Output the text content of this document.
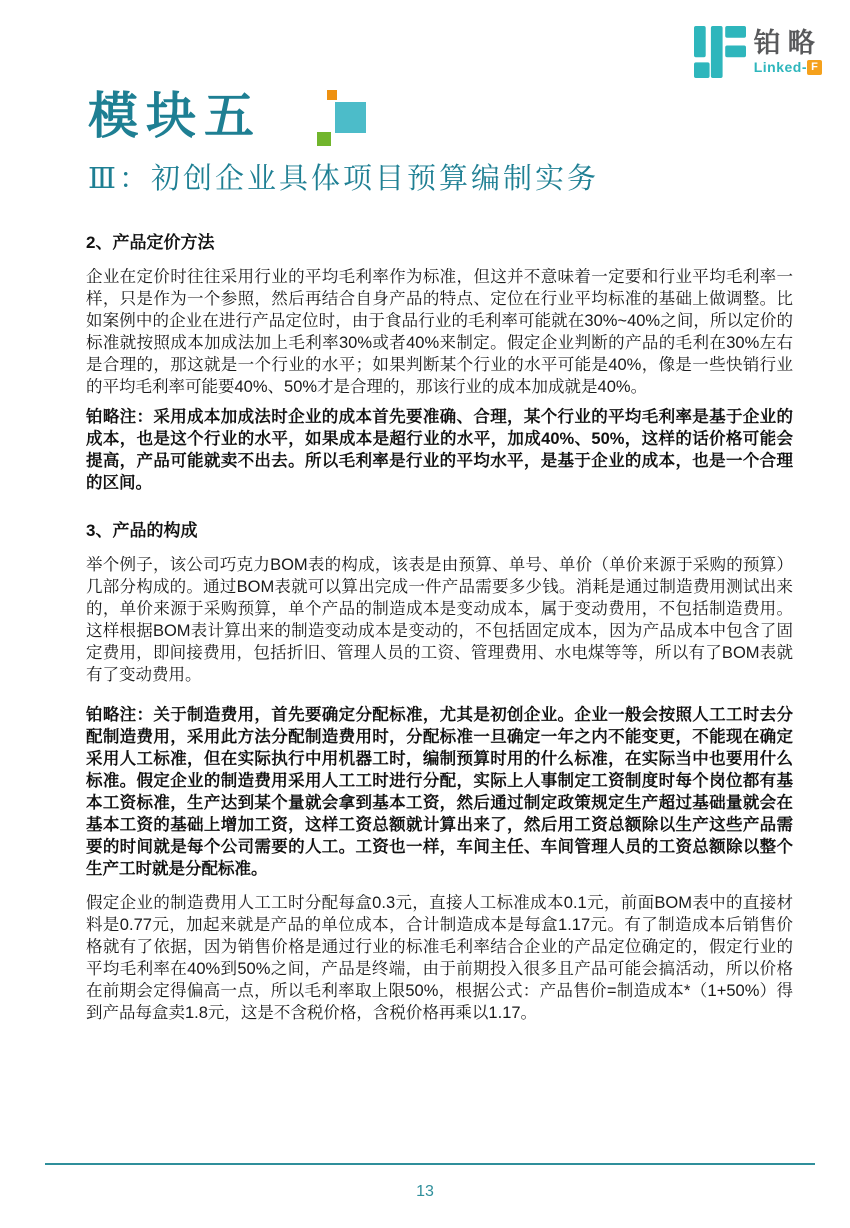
铂略
Linked- F
模块五
Ⅲ：初创企业具体项目预算编制实务
2、产品定价方法

企业在定价时往往采用行业的平均毛利率作为标准，但这并不意味着一定要和行业平均毛利率一样，只是作为一个参照，然后再结合自身产品的特点、定位在行业平均标准的基础上做调整。比如案例中的企业在进行产品定位时，由于食品行业的毛利率可能就在30%~40%之间，所以定价的标准就按照成本加成法加上毛利率30%或者40%来制定。假定企业判断的产品的毛利在30%左右是合理的，那这就是一个行业的水平；如果判断某个行业的水平可能是40%，像是一些快销行业的平均毛利率可能要40%、50%才是合理的，那该行业的成本加成就是40%。

铂略注：采用成本加成法时企业的成本首先要准确、合理，某个行业的平均毛利率是基于企业的成本，也是这个行业的水平，如果成本是超行业的水平，加成40%、50%，这样的话价格可能会提高，产品可能就卖不出去。所以毛利率是行业的平均水平，是基于企业的成本，也是一个合理的区间。

3、产品的构成

举个例子，该公司巧克力BOM表的构成，该表是由预算、单号、单价（单价来源于采购的预算）几部分构成的。通过BOM表就可以算出完成一件产品需要多少钱。消耗是通过制造费用测试出来的，单价来源于采购预算，单个产品的制造成本是变动成本，属于变动费用，不包括制造费用。这样根据BOM表计算出来的制造变动成本是变动的，不包括固定成本，因为产品成本中包含了固定费用，即间接费用，包括折旧、管理人员的工资、管理费用、水电煤等等，所以有了BOM表就有了变动费用。

铂略注：关于制造费用，首先要确定分配标准，尤其是初创企业。企业一般会按照人工工时去分配制造费用，采用此方法分配制造费用时，分配标准一旦确定一年之内不能变更，不能现在确定采用人工标准，但在实际执行中用机器工时，编制预算时用的什么标准，在实际当中也要用什么标准。假定企业的制造费用采用人工工时进行分配，实际上人事制定工资制度时每个岗位都有基本工资标准，生产达到某个量就会拿到基本工资，然后通过制定政策规定生产超过基础量就会在基本工资的基础上增加工资，这样工资总额就计算出来了，然后用工资总额除以生产这些产品需要的时间就是每个公司需要的人工。工资也一样，车间主任、车间管理人员的工资总额除以整个生产工时就是分配标准。

假定企业的制造费用人工工时分配每盒0.3元，直接人工标准成本0.1元，前面BOM表中的直接材料是0.77元，加起来就是产品的单位成本，合计制造成本是每盒1.17元。有了制造成本后销售价格就有了依据，因为销售价格是通过行业的标准毛利率结合企业的产品定位确定的，假定行业的平均毛利率在40%到50%之间，产品是终端，由于前期投入很多且产品可能会搞活动，所以价格在前期会定得偏高一点，所以毛利率取上限50%，根据公式：产品售价=制造成本*（1+50%）得到产品每盒卖1.8元，这是不含税价格，含税价格再乘以1.17。

13
